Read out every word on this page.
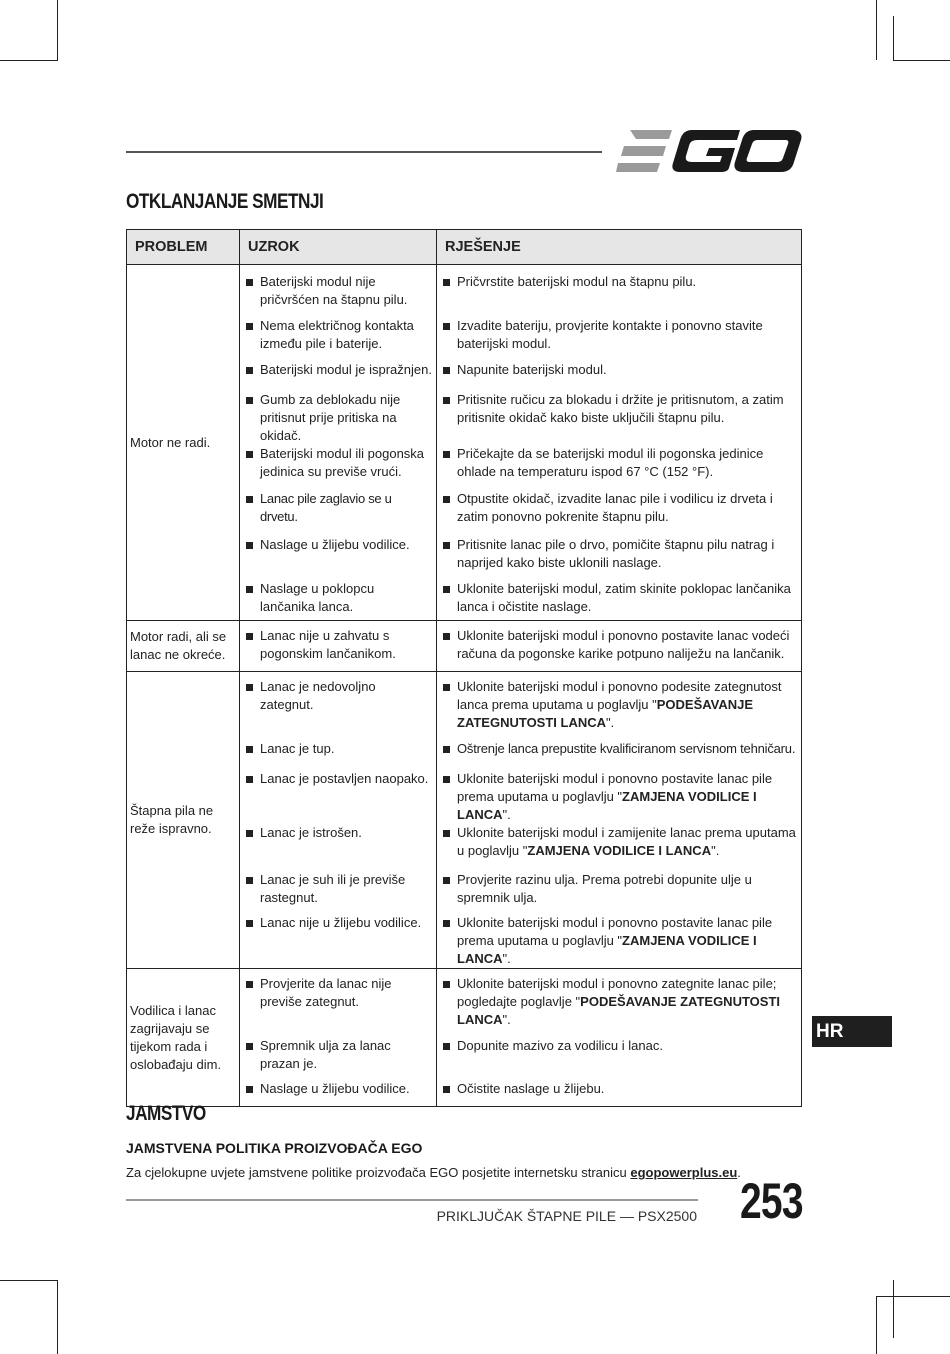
OTKLANJANJE SMETNJI
PROBLEM	UZROK	RJEŠENJE
Motor ne radi.	Baterijski modul nije pričvršćen na štapnu pilu.	Pričvrstite baterijski modul na štapnu pilu.

	Nema električnog kontakta između pile i baterije.	Izvadite bateriju, provjerite kontakte i ponovno stavite baterijski modul.

	Baterijski modul je ispražnjen.	Napunite baterijski modul.

	Gumb za deblokadu nije pritisnut prije pritiska na okidač.	Pritisnite ručicu za blokadu i držite je pritisnutom, a zatim pritisnite okidač kako biste uključili štapnu pilu.

	Baterijski modul ili pogonska jedinica su previše vrući.	Pričekajte da se baterijski modul ili pogonska jedinice ohlade na temperaturu ispod 67 °C (152 °F).

	Lanac pile zaglavio se u drvetu.	Otpustite okidač, izvadite lanac pile i vodilicu iz drveta i zatim ponovno pokrenite štapnu pilu.

	Naslage u žlijebu vodilice.	Pritisnite lanac pile o drvo, pomičite štapnu pilu natrag i naprijed kako biste uklonili naslage.

	Naslage u poklopcu lančanika lanca.	Uklonite baterijski modul, zatim skinite poklopac lančanika lanca i očistite naslage.

Motor radi, ali se lanac ne okreće.	Lanac nije u zahvatu s pogonskim lančanikom.	Uklonite baterijski modul i ponovno postavite lanac vodeći računa da pogonske karike potpuno naliježu na lančanik.

Štapna pila ne reže ispravno.	Lanac je nedovoljno zategnut.	Uklonite baterijski modul i ponovno podesite zategnutost lanca prema uputama u poglavlju "PODEŠAVANJE ZATEGNUTOSTI LANCA".

	Lanac je tup.	Oštrenje lanca prepustite kvalificiranom servisnom tehničaru.

	Lanac je postavljen naopako.	Uklonite baterijski modul i ponovno postavite lanac pile prema uputama u poglavlju "ZAMJENA VODILICE I LANCA".

	Lanac je istrošen.	Uklonite baterijski modul i zamijenite lanac prema uputama u poglavlju "ZAMJENA VODILICE I LANCA".

	Lanac je suh ili je previše rastegnut.	Provjerite razinu ulja. Prema potrebi dopunite ulje u spremnik ulja.

	Lanac nije u žlijebu vodilice.	Uklonite baterijski modul i ponovno postavite lanac pile prema uputama u poglavlju "ZAMJENA VODILICE I LANCA".

Vodilica i lanac zagrijavaju se tijekom rada i oslobađaju dim.	Provjerite da lanac nije previše zategnut.	Uklonite baterijski modul i ponovno zategnite lanac pile; pogledajte poglavlje "PODEŠAVANJE ZATEGNUTOSTI LANCA".

	Spremnik ulja za lanac prazan je.	Dopunite mazivo za vodilicu i lanac.

	Naslage u žlijebu vodilice.	Očistite naslage u žlijebu.
HR
JAMSTVO
JAMSTVENA POLITIKA PROIZVOĐAČA EGO
Za cjelokupne uvjete jamstvene politike proizvođača EGO posjetite internetsku stranicu egopowerplus.eu.
PRIKLJUČAK ŠTAPNE PILE — PSX2500 253
